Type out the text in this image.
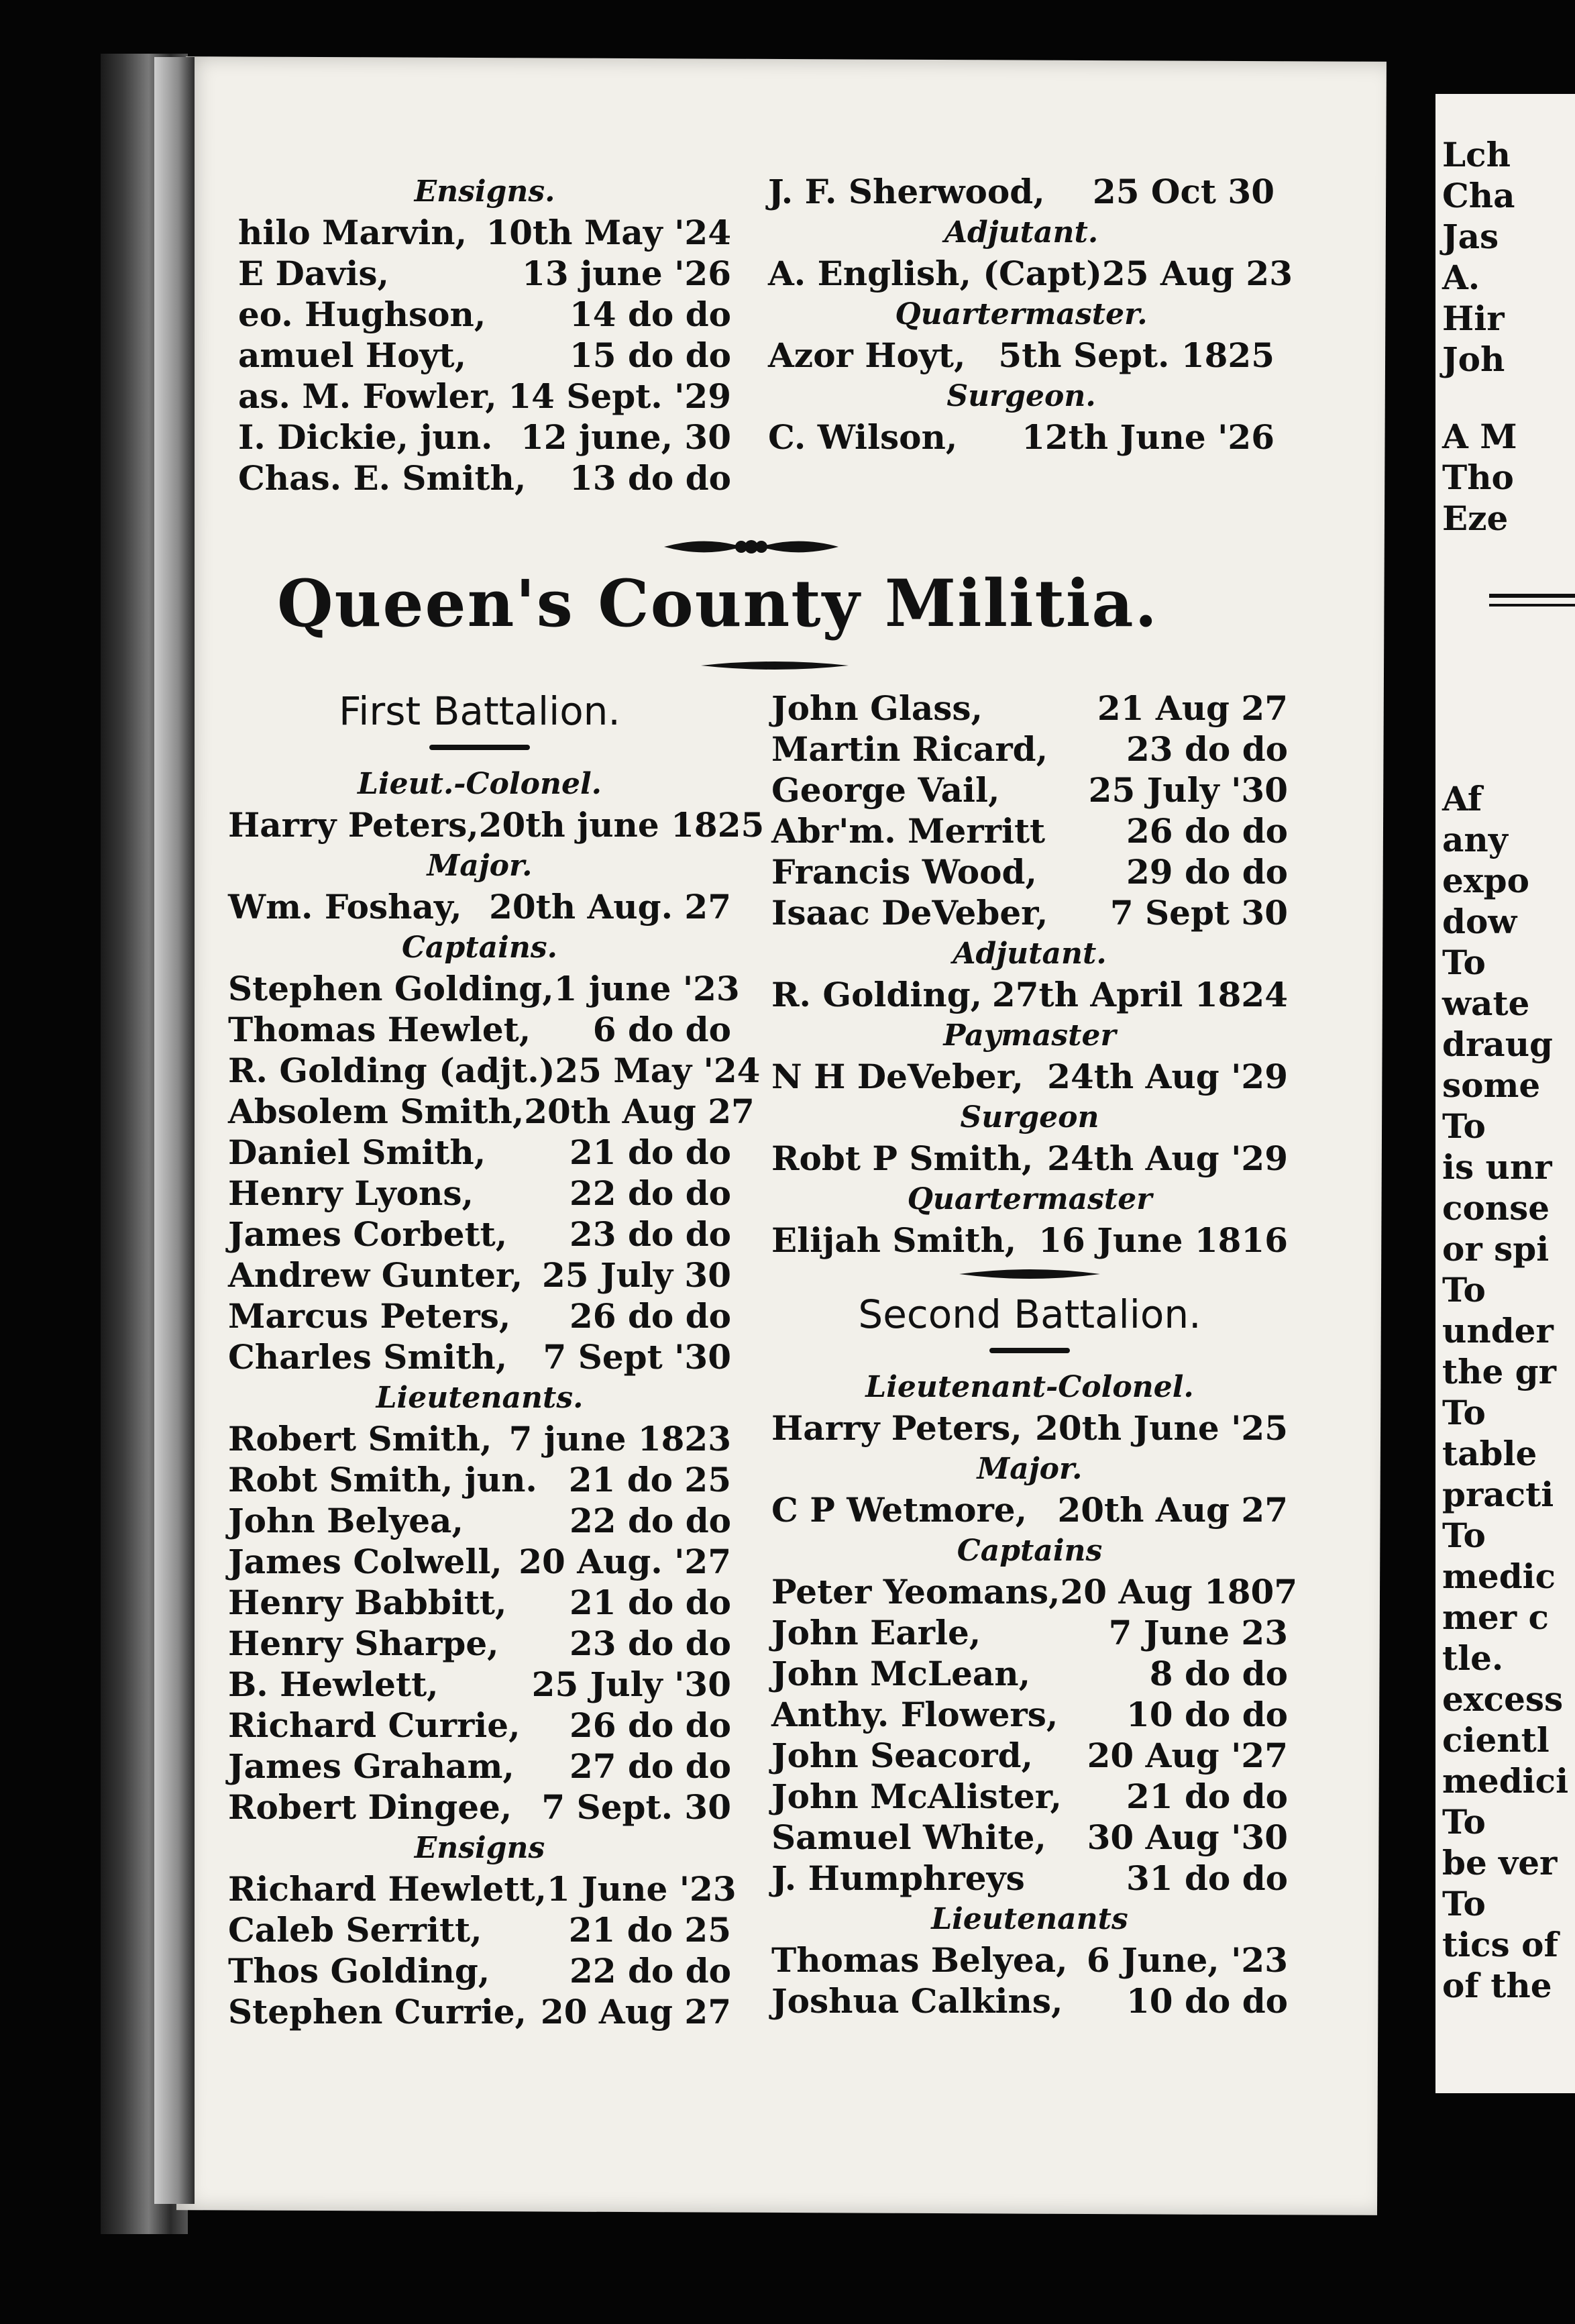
Ensigns.
hilo Marvin, 10th May '24
E Davis,	13 june '26
eo. Hughson, 14 do do
amuel Hoyt,	15 do do
as. M. Fowler, 14 Sept. '29
I. Dickie, jun. 12 june, 30
Chas. E. Smith, 13 do do
J. F. Sherwood, 25 Oct 30
Adjutant.
A. English, (Capt) 25 Aug 23
Quartermaster.
Azor Hoyt, 5th Sept. 1825
Surgeon.
C. Wilson, 12th June '26
Queen's County Militia.
First Battalion.
Lieut.-Colonel.
Harry Peters, 20th june 1825
Major.
Wm. Foshay, 20th Aug. 27
Captains.
Stephen Golding, 1 june '23
Thomas Hewlet, 6 do do
R. Golding (adjt.) 25 May '24
Absolem Smith, 20th Aug 27
Daniel Smith, 21 do do
Henry Lyons,	22 do do
James Corbett, 23 do do
Andrew Gunter, 25 July 30
Marcus Peters, 26 do do
Charles Smith, 7 Sept '30
Lieutenants.
Robert Smith, 7 june 1823
Robt Smith, jun. 21 do 25
John Belyea,	22 do do
James Colwell, 20 Aug. '27
Henry Babbitt, 21 do do
Henry Sharpe, 23 do do
B. Hewlett,	25 July '30
Richard Currie, 26 do do
James Graham, 27 do do
Robert Dingee, 7 Sept. 30
Ensigns
Richard Hewlett, 1 June '23
Caleb Serritt,	21 do 25
Thos Golding, 22 do do
Stephen Currie, 20 Aug 27
John Glass,	21 Aug 27
Martin Ricard, 23 do do
George Vail,	25 July '30
Abr'm. Merritt 26 do do
Francis Wood,	29 do do
Isaac DeVeber, 7 Sept 30
Adjutant.
R. Golding, 27th April 1824
Paymaster
N H DeVeber, 24th Aug '29
Surgeon
Robt P Smith, 24th Aug '29
Quartermaster
Elijah Smith, 16 June 1816
Second Battalion.
Lieutenant-Colonel.
Harry Peters, 20th June '25
Major.
C P Wetmore, 20th Aug 27
Captains
Peter Yeomans, 20 Aug 1807
John Earle,	7 June 23
John McLean,	8 do do
Anthy. Flowers, 10 do do
John Seacord, 20 Aug '27
John McAlister, 21 do do
Samuel White, 30 Aug '30
J. Humphreys	31 do do
Lieutenants
Thomas Belyea, 6 June, '23
Joshua Calkins, 10 do do
Lch
Cha
Jas
A.
Hir
Joh
A M
Tho
Eze
Af
any
expo
dow
To
wate
draug
some
To
is unr
conse
or spi
To
under
the gr
To
table
practi
To
medic
mer c
tle.
excess
cientl
medici
To
be ver
To
tics of
of the
